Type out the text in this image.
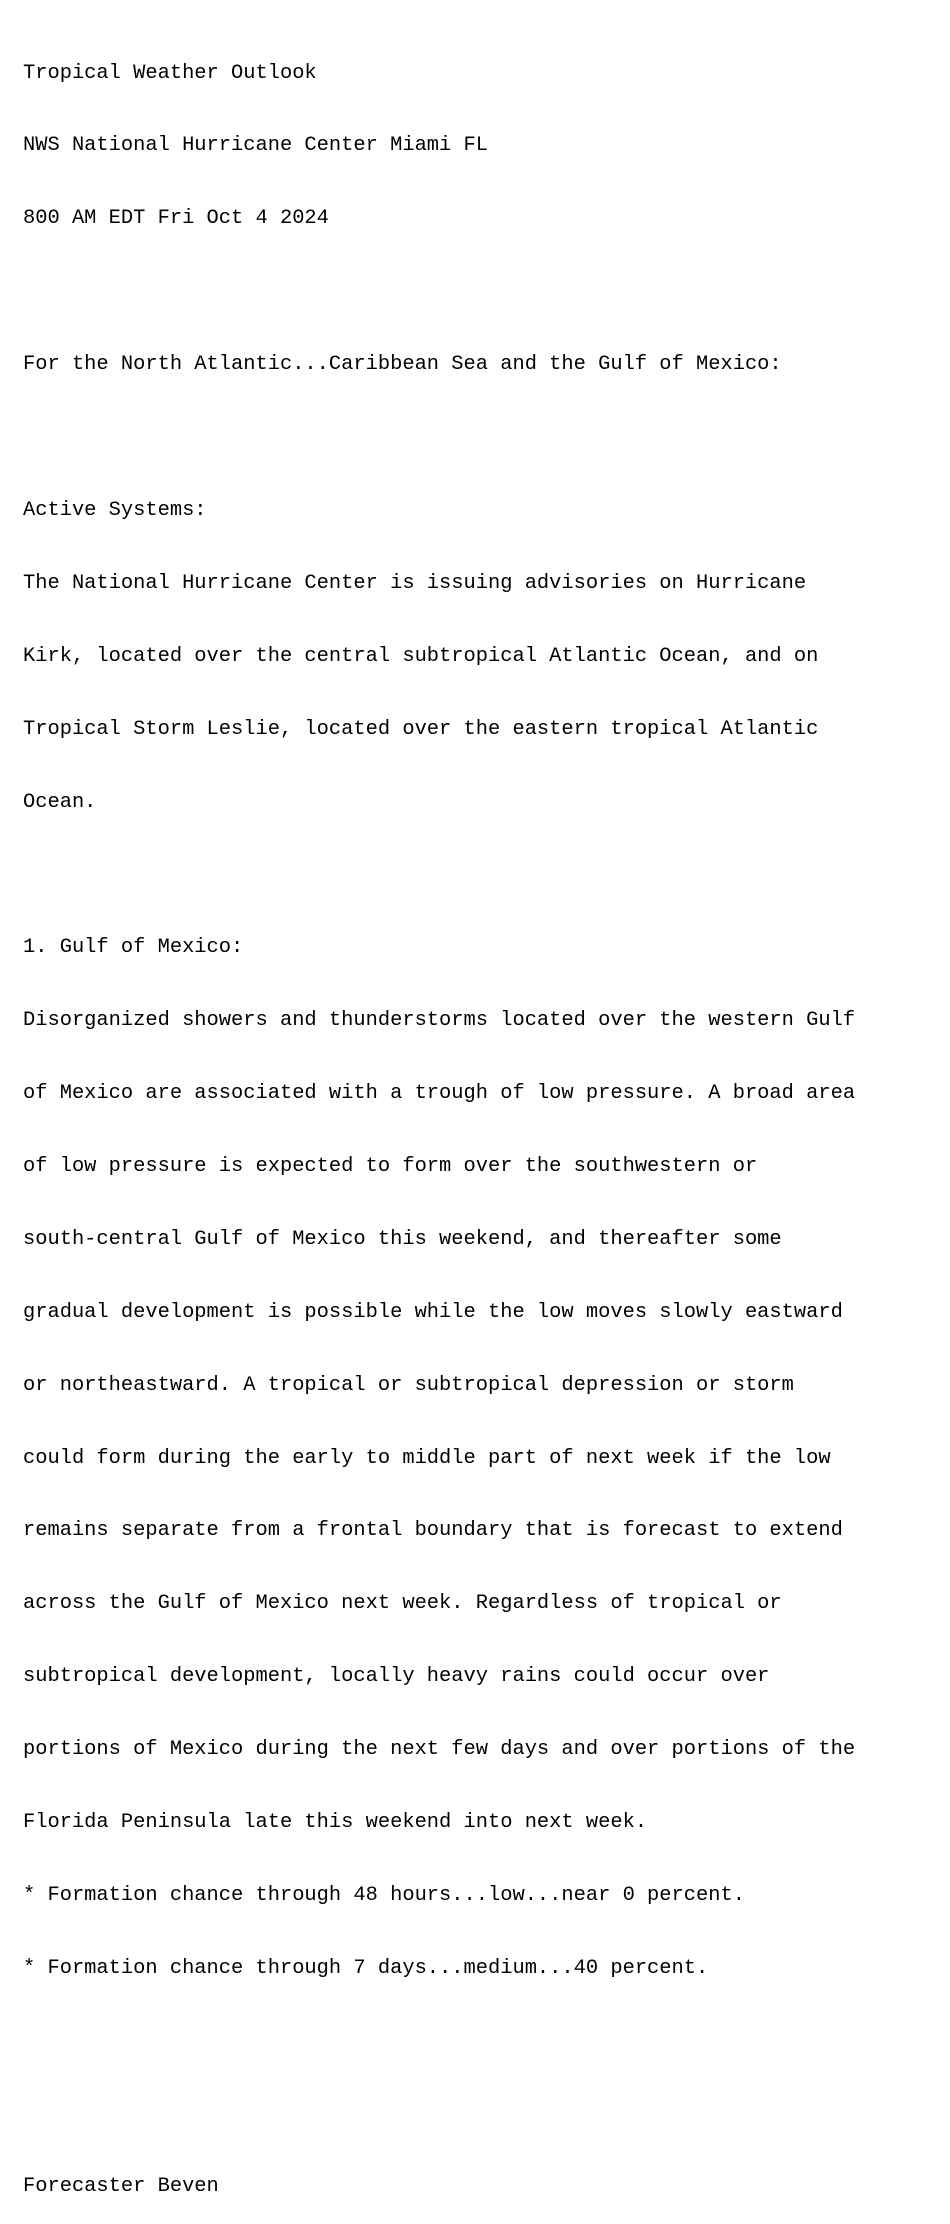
Tropical Weather Outlook

NWS National Hurricane Center Miami FL

800 AM EDT Fri Oct 4 2024

For the North Atlantic...Caribbean Sea and the Gulf of Mexico:

Active Systems:

The National Hurricane Center is issuing advisories on Hurricane

Kirk, located over the central subtropical Atlantic Ocean, and on

Tropical Storm Leslie, located over the eastern tropical Atlantic

Ocean.

1. Gulf of Mexico:

Disorganized showers and thunderstorms located over the western Gulf

of Mexico are associated with a trough of low pressure. A broad area

of low pressure is expected to form over the southwestern or

south-central Gulf of Mexico this weekend, and thereafter some

gradual development is possible while the low moves slowly eastward

or northeastward. A tropical or subtropical depression or storm

could form during the early to middle part of next week if the low

remains separate from a frontal boundary that is forecast to extend

across the Gulf of Mexico next week. Regardless of tropical or

subtropical development, locally heavy rains could occur over

portions of Mexico during the next few days and over portions of the

Florida Peninsula late this weekend into next week.

* Formation chance through 48 hours...low...near 0 percent.

* Formation chance through 7 days...medium...40 percent.

Forecaster Beven
